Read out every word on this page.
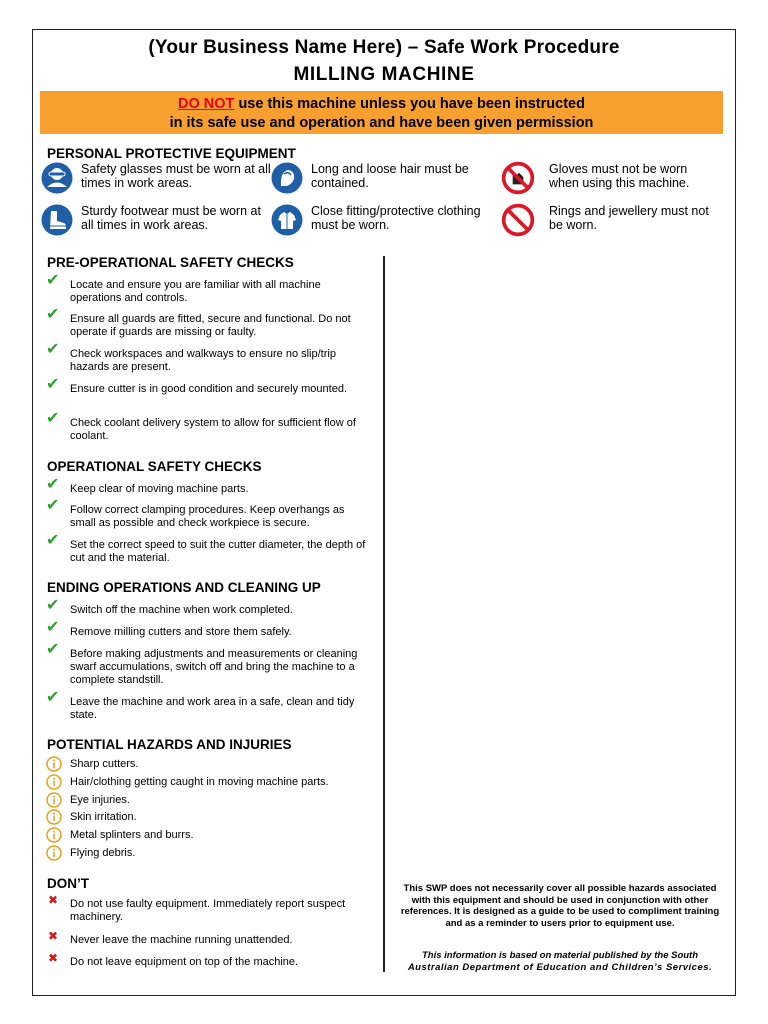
(Your Business Name Here) – Safe Work Procedure
MILLING MACHINE
DO NOT use this machine unless you have been instructed
in its safe use and operation and have been given permission
PERSONAL PROTECTIVE EQUIPMENT
Safety glasses must be worn at all times in work areas.
Long and loose hair must be contained.
Gloves must not be worn when using this machine.
Sturdy footwear must be worn at all times in work areas.
Close fitting/protective clothing must be worn.
Rings and jewellery must not be worn.
PRE-OPERATIONAL SAFETY CHECKS
✔ Locate and ensure you are familiar with all machine operations and controls.
✔ Ensure all guards are fitted, secure and functional. Do not operate if guards are missing or faulty.
✔ Check workspaces and walkways to ensure no slip/trip hazards are present.
✔ Ensure cutter is in good condition and securely mounted.
✔ Check coolant delivery system to allow for sufficient flow of coolant.
OPERATIONAL SAFETY CHECKS
✔ Keep clear of moving machine parts.
✔ Follow correct clamping procedures. Keep overhangs as small as possible and check workpiece is secure.
✔ Set the correct speed to suit the cutter diameter, the depth of cut and the material.
ENDING OPERATIONS AND CLEANING UP
✔ Switch off the machine when work completed.
✔ Remove milling cutters and store them safely.
✔ Before making adjustments and measurements or cleaning swarf accumulations, switch off and bring the machine to a complete standstill.
✔ Leave the machine and work area in a safe, clean and tidy state.
POTENTIAL HAZARDS AND INJURIES
Sharp cutters.
Hair/clothing getting caught in moving machine parts.
Eye injuries.
Skin irritation.
Metal splinters and burrs.
Flying debris.
DON’T
✖	Do not use faulty equipment. Immediately report suspect machinery.
✖	Never leave the machine running unattended.
✖	Do not leave equipment on top of the machine.
This SWP does not necessarily cover all possible hazards associated with this equipment and should be used in conjunction with other references. It is designed as a guide to be used to compliment training and as a reminder to users prior to equipment use.
This information is based on material published by the South
Australian Department of Education and Children’s Services.
